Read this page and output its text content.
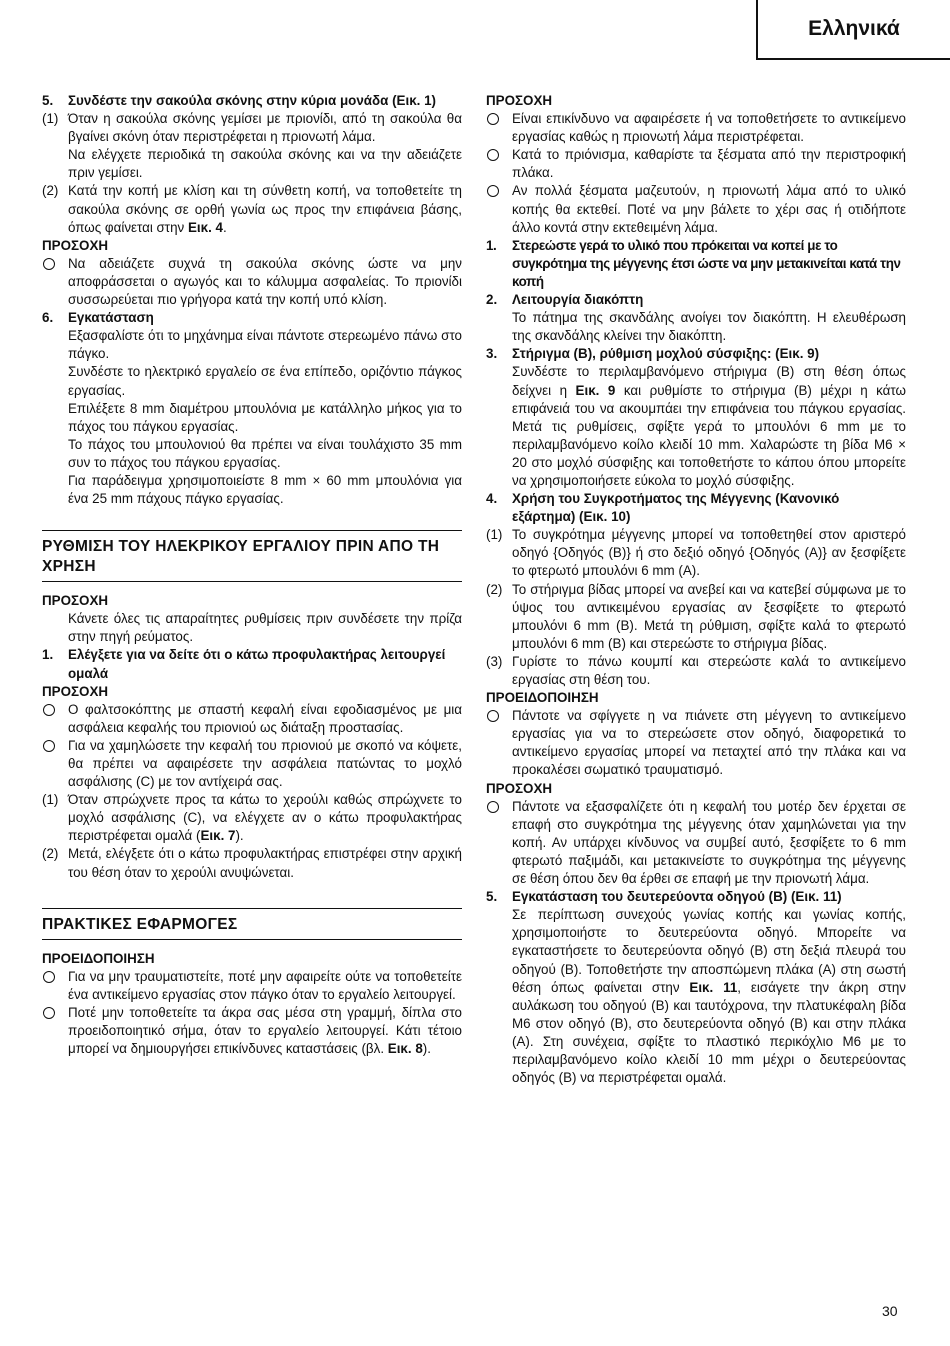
Ελληνικά
5. Συνδέστε την σακούλα σκόνης στην κύρια μονάδα (Εικ. 1)
(1) Όταν η σακούλα σκόνης γεμίσει με πριονίδι, από τη σακούλα θα βγαίνει σκόνη όταν περιστρέφεται η πριονωτή λάμα.
Να ελέγχετε περιοδικά τη σακούλα σκόνης και να την αδειάζετε πριν γεμίσει.
(2) Κατά την κοπή με κλίση και τη σύνθετη κοπή, να τοποθετείτε τη σακούλα σκόνης σε ορθή γωνία ως προς την επιφάνεια βάσης, όπως φαίνεται στην Εικ. 4.
ΠΡΟΣΟΧΗ
Να αδειάζετε συχνά τη σακούλα σκόνης ώστε να μην αποφράσσεται ο αγωγός και το κάλυμμα ασφαλείας. Το πριονίδι συσσωρεύεται πιο γρήγορα κατά την κοπή υπό κλίση.
6. Εγκατάσταση
Εξασφαλίστε ότι το μηχάνημα είναι πάντοτε στερεωμένο πάνω στο πάγκο.
Συνδέστε το ηλεκτρικό εργαλείο σε ένα επίπεδο, οριζόντιο πάγκος εργασίας.
Επιλέξετε 8 mm διαμέτρου μπουλόνια με κατάλληλο μήκος για το πάχος του πάγκου εργασίας.
Το πάχος του μπουλονιού θα πρέπει να είναι τουλάχιστο 35 mm συν το πάχος του πάγκου εργασίας.
Για παράδειγμα χρησιμοποιείστε 8 mm × 60 mm μπουλόνια για ένα 25 mm πάχους πάγκο εργασίας.
ΡΥΘΜΙΣΗ ΤΟΥ ΗΛΕΚΡΙΚΟΥ ΕΡΓΑΛΙΟΥ ΠΡΙΝ ΑΠΟ ΤΗ ΧΡΗΣΗ
ΠΡΟΣΟΧΗ
Κάνετε όλες τις απαραίτητες ρυθμίσεις πριν συνδέσετε την πρίζα στην πηγή ρεύματος.
1. Ελέγξετε για να δείτε ότι ο κάτω προφυλακτήρας λειτουργεί ομαλά
ΠΡΟΣΟΧΗ
Ο φαλτσοκόπτης με σπαστή κεφαλή είναι εφοδιασμένος με μια ασφάλεια κεφαλής του πριονιού ως διάταξη προστασίας.
Για να χαμηλώσετε την κεφαλή του πριονιού με σκοπό να κόψετε, θα πρέπει να αφαιρέσετε την ασφάλεια πατώντας το μοχλό ασφάλισης (C) με τον αντίχειρά σας.
(1) Όταν σπρώχνετε προς τα κάτω το χερούλι καθώς σπρώχνετε το μοχλό ασφάλισης (C), να ελέγχετε αν ο κάτω προφυλακτήρας περιστρέφεται ομαλά (Εικ. 7).
(2) Μετά, ελέγξετε ότι ο κάτω προφυλακτήρας επιστρέφει στην αρχική του θέση όταν το χερούλι ανυψώνεται.
ΠΡΑΚΤΙΚΕΣ ΕΦΑΡΜΟΓΕΣ
ΠΡΟΕΙΔΟΠΟΙΗΣΗ
Για να μην τραυματιστείτε, ποτέ μην αφαιρείτε ούτε να τοποθετείτε ένα αντικείμενο εργασίας στον πάγκο όταν το εργαλείο λειτουργεί.
Ποτέ μην τοποθετείτε τα άκρα σας μέσα στη γραμμή, δίπλα στο προειδοποιητικό σήμα, όταν το εργαλείο λειτουργεί. Κάτι τέτοιο μπορεί να δημιουργήσει επικίνδυνες καταστάσεις (βλ. Εικ. 8).
ΠΡΟΣΟΧΗ
Είναι επικίνδυνο να αφαιρέσετε ή να τοποθετήσετε το αντικείμενο εργασίας καθώς η πριονωτή λάμα περιστρέφεται.
Κατά το πριόνισμα, καθαρίστε τα ξέσματα από την περιστροφική πλάκα.
Αν πολλά ξέσματα μαζευτούν, η πριονωτή λάμα από το υλικό κοπής θα εκτεθεί. Ποτέ να μην βάλετε το χέρι σας ή οτιδήποτε άλλο κοντά στην εκτεθειμένη λάμα.
1. Στερεώστε γερά το υλικό που πρόκειται να κοπεί με το συγκρότημα της μέγγενης έτσι ώστε να μην μετακινείται κατά την κοπή
2. Λειτουργία διακόπτη
Το πάτημα της σκανδάλης ανοίγει τον διακόπτη. Η ελευθέρωση της σκανδάλης κλείνει την διακόπτη.
3. Στήριγμα (B), ρύθμιση μοχλού σύσφιξης: (Εικ. 9)
Συνδέστε το περιλαμβανόμενο στήριγμα (B) στη θέση όπως δείχνει η Εικ. 9 και ρυθμίστε το στήριγμα (B) μέχρι η κάτω επιφάνειά του να ακουμπάει την επιφάνεια του πάγκου εργασίας. Μετά τις ρυθμίσεις, σφίξτε γερά το μπουλόνι 6 mm με το περιλαμβανόμενο κοίλο κλειδί 10 mm. Χαλαρώστε τη βίδα M6 × 20 στο μοχλό σύσφιξης και τοποθετήστε το κάπου όπου μπορείτε να χρησιμοποιήσετε εύκολα το μοχλό σύσφιξης.
4. Χρήση του Συγκροτήματος της Μέγγενης (Κανονικό εξάρτημα) (Εικ. 10)
(1) Το συγκρότημα μέγγενης μπορεί να τοποθετηθεί στον αριστερό οδηγό {Οδηγός (B)} ή στο δεξιό οδηγό {Οδηγός (A)} αν ξεσφίξετε το φτερωτό μπουλόνι 6 mm (A).
(2) Το στήριγμα βίδας μπορεί να ανεβεί και να κατεβεί σύμφωνα με το ύψος του αντικειμένου εργασίας αν ξεσφίξετε το φτερωτό μπουλόνι 6 mm (B). Μετά τη ρύθμιση, σφίξτε καλά το φτερωτό μπουλόνι 6 mm (B) και στερεώστε το στήριγμα βίδας.
(3) Γυρίστε το πάνω κουμπί και στερεώστε καλά το αντικείμενο εργασίας στη θέση του.
ΠΡΟΕΙΔΟΠΟΙΗΣΗ
Πάντοτε να σφίγγετε η να πιάνετε στη μέγγενη το αντικείμενο εργασίας για να το στερεώσετε στον οδηγό, διαφορετικά το αντικείμενο εργασίας μπορεί να πεταχτεί από την πλάκα και να προκαλέσει σωματικό τραυματισμό.
ΠΡΟΣΟΧΗ
Πάντοτε να εξασφαλίζετε ότι η κεφαλή του μοτέρ δεν έρχεται σε επαφή στο συγκρότημα της μέγγενης όταν χαμηλώνεται για την κοπή. Αν υπάρχει κίνδυνος να συμβεί αυτό, ξεσφίξετε το 6 mm φτερωτό παξιμάδι, και μετακινείστε το συγκρότημα της μέγγενης σε θέση όπου δεν θα έρθει σε επαφή με την πριονωτή λάμα.
5. Εγκατάσταση του δευτερεύοντα οδηγού (B) (Εικ. 11)
Σε περίπτωση συνεχούς γωνίας κοπής και γωνίας κοπής, χρησιμοποιήστε το δευτερεύοντα οδηγό. Μπορείτε να εγκαταστήσετε το δευτερεύοντα οδηγό (B) στη δεξιά πλευρά του οδηγού (B). Τοποθετήστε την αποσπώμενη πλάκα (A) στη σωστή θέση όπως φαίνεται στην Εικ. 11, εισάγετε την άκρη στην αυλάκωση του οδηγού (B) και ταυτόχρονα, την πλατυκέφαλη βίδα M6 στον οδηγό (B), στο δευτερεύοντα οδηγό (B) και στην πλάκα (A). Στη συνέχεια, σφίξτε το πλαστικό περικόχλιο M6 με το περιλαμβανόμενο κοίλο κλειδί 10 mm μέχρι ο δευτερεύοντας οδηγός (B) να περιστρέφεται ομαλά.
30
